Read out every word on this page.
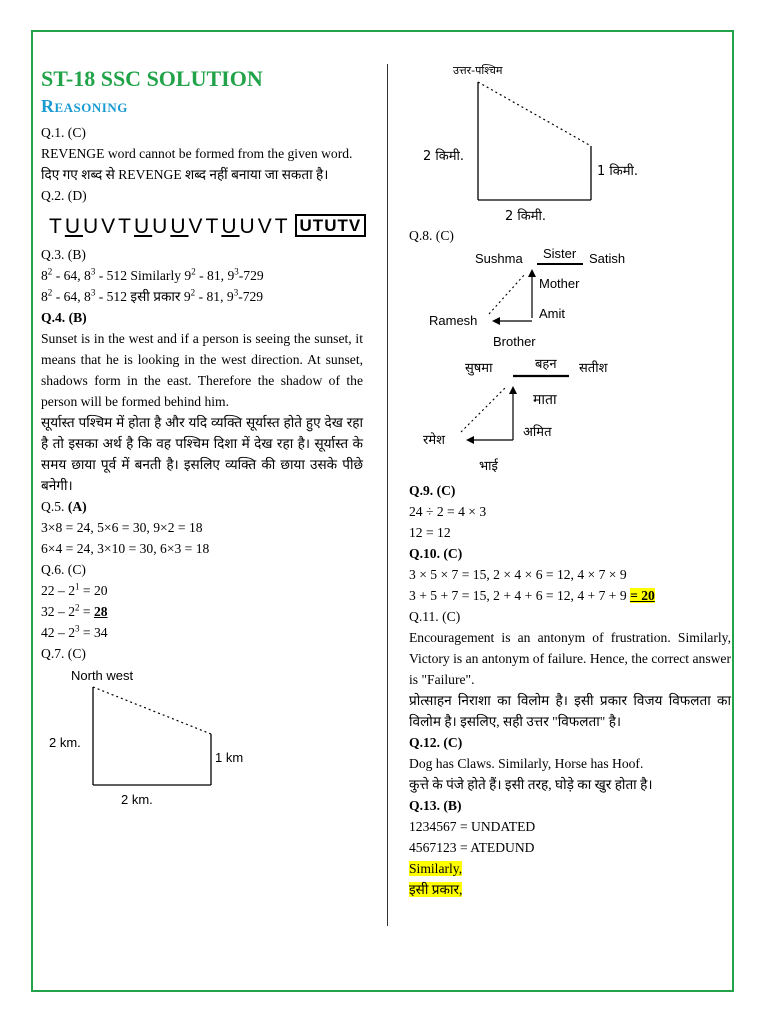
ST-18 SSC SOLUTION
Reasoning

Q.1. (C)

REVENGE word cannot be formed from the given word.

दिए गए शब्द से REVENGE शब्द नहीं बनाया जा सकता है।

Q.2. (D)

TUUVTUUUVTUUVT UTUTV

Q.3. (B)

$8^2 - 64$, $8^3 - 512$ Similarly $9^2 - 81$, $9^3-729$

$8^2 - 64$, $8^3 - 512$ इसी प्रकार $9^2 - 81$, $9^3-729$

Q.4. (B)

Sunset is in the west and if a person is seeing the sunset, it means that he is looking in the west direction. At sunset, shadows form in the east. Therefore the shadow of the person will be formed behind him.

सूर्यास्त पश्चिम में होता है और यदि व्यक्ति सूर्यास्त होते हुए देख रहा है तो इसका अर्थ है कि वह पश्चिम दिशा में देख रहा है। सूर्यास्त के समय छाया पूर्व में बनती है। इसलिए व्यक्ति की छाया उसके पीछे बनेगी।

Q.5. (A)

3×8 = 24, 5×6 = 30, 9×2 = 18

6×4 = 24, 3×10 = 30, 6×3 = 18

Q.6. (C)

$22 - 2^1 = 20$

$32 - 2^2 = 28$

$42 - 2^3 = 34$

Q.7. (C)

North west
2 km.
1 km
2 km.
उत्तर-पश्चिम
2 किमी.
1 किमी.
2 किमी.

Q.8. (C)

Sushma Sister Satish
Mother
Amit
Ramesh
Brother
सुषमा	बहन सतीश
माता
अमित
रमेश
भाई

Q.9. (C)

24 ÷ 2 = 4 × 3

12 = 12

Q.10. (C)

3 × 5 × 7 = 15, 2 × 4 × 6 = 12, 4 × 7 × 9

3 + 5 + 7 = 15, 2 + 4 + 6 = 12, 4 + 7 + 9 = 20

Q.11. (C)

Encouragement is an antonym of frustration. Similarly, Victory is an antonym of failure. Hence, the correct answer is "Failure".

प्रोत्साहन निराशा का विलोम है। इसी प्रकार विजय विफलता का विलोम है। इसलिए, सही उत्तर "विफलता" है।

Q.12. (C)

Dog has Claws. Similarly, Horse has Hoof.

कुत्ते के पंजे होते हैं। इसी तरह, घोड़े का खुर होता है।

Q.13. (B)

1234567 = UNDATED

4567123 = ATEDUND

Similarly,

इसी प्रकार,
